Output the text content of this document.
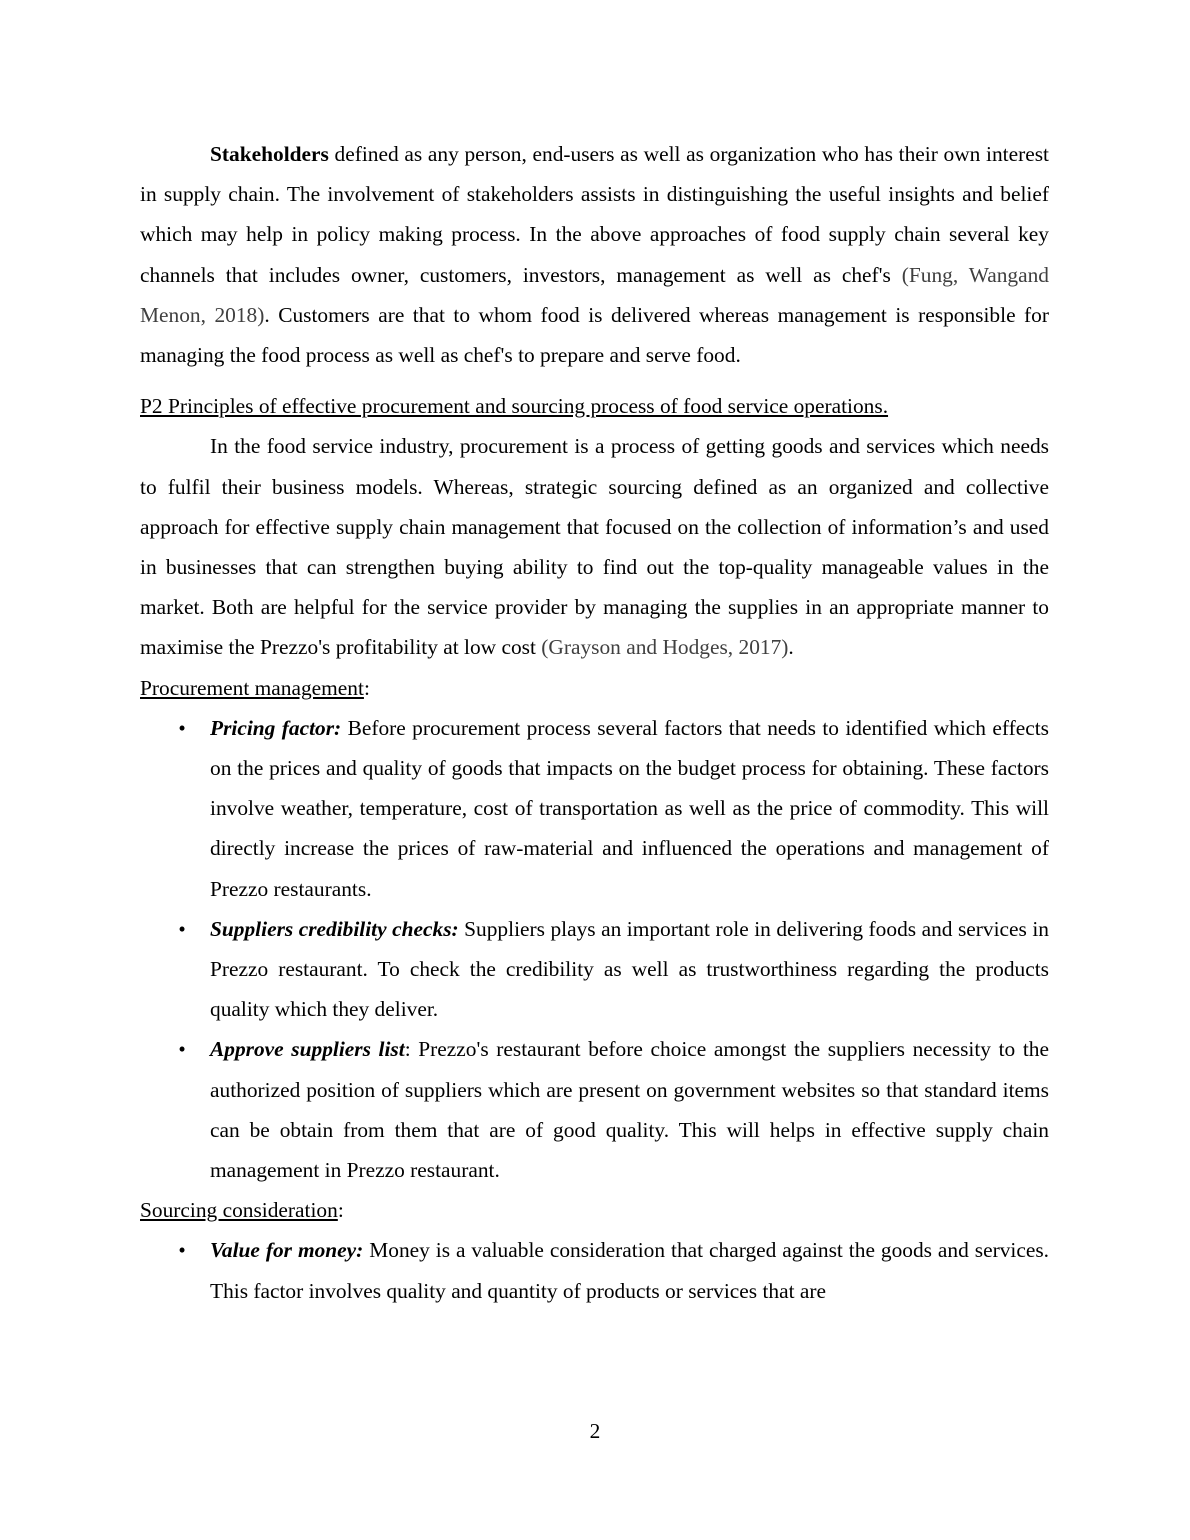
Stakeholders defined as any person, end-users as well as organization who has their own interest in supply chain. The involvement of stakeholders assists in distinguishing the useful insights and belief which may help in policy making process. In the above approaches of food supply chain several key channels that includes owner, customers, investors, management as well as chef's (Fung, Wangand Menon, 2018). Customers are that to whom food is delivered whereas management is responsible for managing the food process as well as chef's to prepare and serve food.

P2 Principles of effective procurement and sourcing process of food service operations.

In the food service industry, procurement is a process of getting goods and services which needs to fulfil their business models. Whereas, strategic sourcing defined as an organized and collective approach for effective supply chain management that focused on the collection of information’s and used in businesses that can strengthen buying ability to find out the top-quality manageable values in the market. Both are helpful for the service provider by managing the supplies in an appropriate manner to maximise the Prezzo's profitability at low cost (Grayson and Hodges, 2017).

Procurement management:

• Pricing factor: Before procurement process several factors that needs to identified which effects on the prices and quality of goods that impacts on the budget process for obtaining. These factors involve weather, temperature, cost of transportation as well as the price of commodity. This will directly increase the prices of raw-material and influenced the operations and management of Prezzo restaurants.
• Suppliers credibility checks: Suppliers plays an important role in delivering foods and services in Prezzo restaurant. To check the credibility as well as trustworthiness regarding the products quality which they deliver.
• Approve suppliers list: Prezzo's restaurant before choice amongst the suppliers necessity to the authorized position of suppliers which are present on government websites so that standard items can be obtain from them that are of good quality. This will helps in effective supply chain management in Prezzo restaurant.

Sourcing consideration:

• Value for money: Money is a valuable consideration that charged against the goods and services. This factor involves quality and quantity of products or services that are
2
